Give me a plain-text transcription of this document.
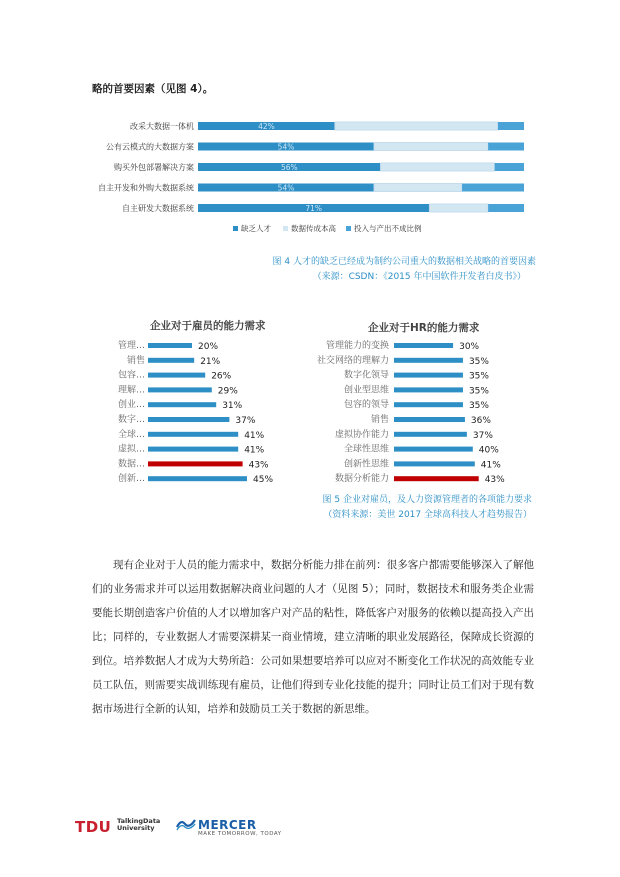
略的首要因素（见图 4）。
改采大数据一体机	42%
公有云模式的大数据方案	54%
购买外包部署解决方案	56%
自主开发和外购大数据系统	54%
自主研发大数据系统	71%
缺乏人才	数据传成本高 投入与产出不成比例
图 4 人才的缺乏已经成为制约公司重大的数据相关战略的首要因素
（来源：CSDN：《2015 年中国软件开发者白皮书》）
企业对于雇员的能力需求	企业对于HR的能力需求
管理…	20%
销售	21%
包容…	26%
理解…	29%
创业…	31%
数字…	37%
全球…	41%
虚拟…	41%
数据…	43%
创新…	45%
管理能力的变换	30%
社交网络的理解力	35%
数字化领导	35%
创业型思维	35%
包容的领导	35%
销售	36%
虚拟协作能力	37%
全球性思维	40%
创新性思维	41%
数据分析能力	43%
图 5 企业对雇员，及人力资源管理者的各项能力要求
（资料来源：美世 2017 全球高科技人才趋势报告）

现有企业对于人员的能力需求中，数据分析能力排在前列：很多客户都需要能够深入了解他们的业务需求并可以运用数据解决商业问题的人才（见图 5）；同时，数据技术和服务类企业需要能长期创造客户价值的人才以增加客户对产品的粘性，降低客户对服务的依赖以提高投入产出比；同样的，专业数据人才需要深耕某一商业情境，建立清晰的职业发展路径，保障成长资源的到位。培养数据人才成为大势所趋：公司如果想要培养可以应对不断变化工作状况的高效能专业员工队伍，则需要实战训练现有雇员，让他们得到专业化技能的提升；同时让员工们对于现有数据市场进行全新的认知，培养和鼓励员工关于数据的新思维。

TDU TalkingData
University	MERCER
MAKE TOMORROW, TODAY
